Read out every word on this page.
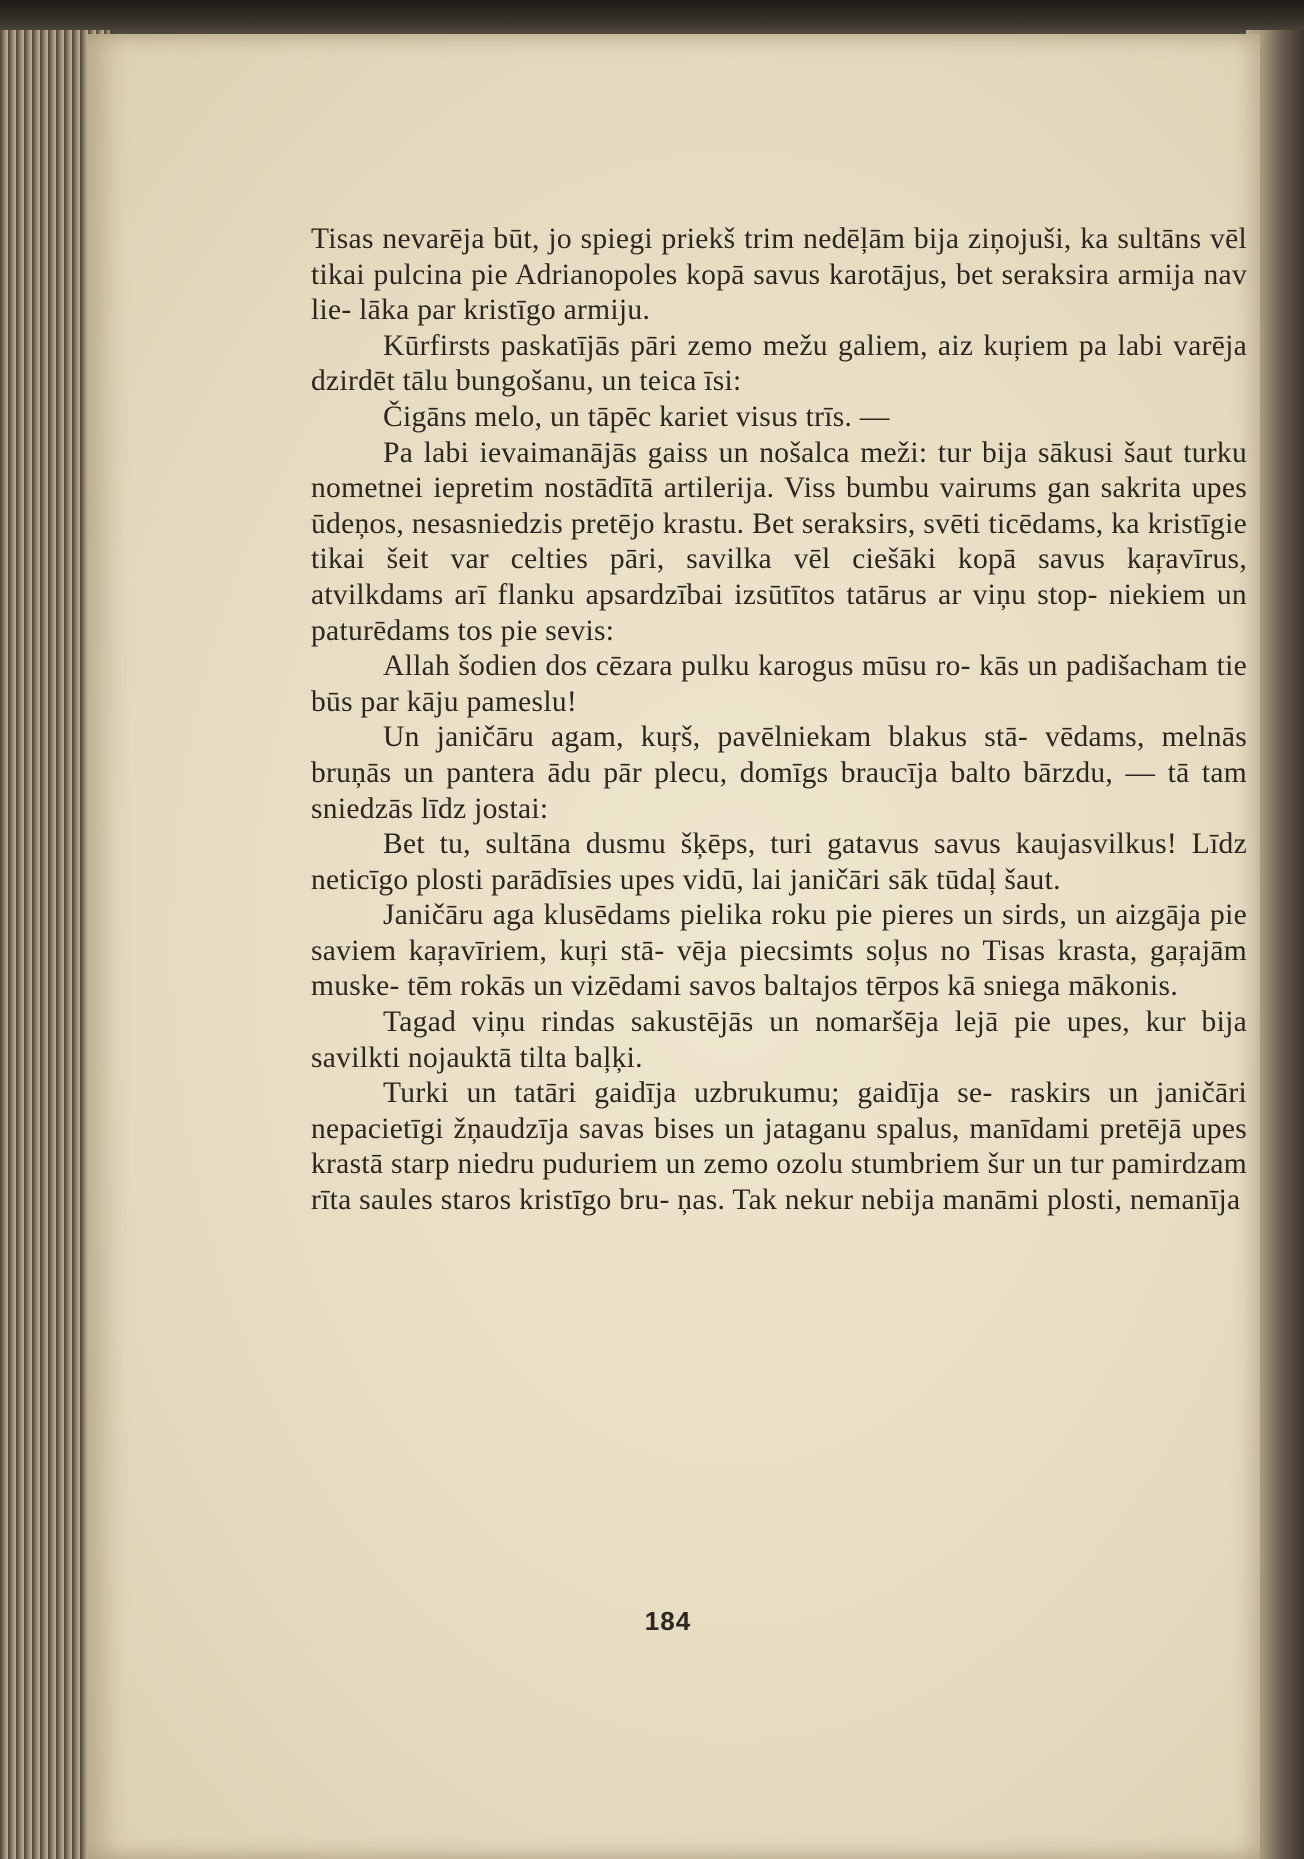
Tisas nevarēja būt, jo spiegi priekš trim nedēļām bija ziņojuši, ka sultāns vēl tikai pulcina pie Adrianopoles kopā savus karotājus, bet seraksira armija nav lie- lāka par kristīgo armiju.

Kūrfirsts paskatījās pāri zemo mežu galiem, aiz kuŗiem pa labi varēja dzirdēt tālu bungošanu, un teica īsi:

Čigāns melo, un tāpēc kariet visus trīs. —

Pa labi ievaimanājās gaiss un nošalca meži: tur bija sākusi šaut turku nometnei iepretim nostādītā artilerija. Viss bumbu vairums gan sakrita upes ūdeņos, nesasniedzis pretējo krastu. Bet seraksirs, svēti ticēdams, ka kristīgie tikai šeit var celties pāri, savilka vēl ciešāki kopā savus kaŗavīrus, atvilkdams arī flanku apsardzībai izsūtītos tatārus ar viņu stop- niekiem un paturēdams tos pie sevis:

Allah šodien dos cēzara pulku karogus mūsu ro- kās un padišacham tie būs par kāju pameslu!

Un janičāru agam, kuŗš, pavēlniekam blakus stā- vēdams, melnās bruņās un pantera ādu pār plecu, domīgs braucīja balto bārzdu, — tā tam sniedzās līdz jostai:

Bet tu, sultāna dusmu šķēps, turi gatavus savus kaujasvilkus! Līdz neticīgo plosti parādīsies upes vidū, lai janičāri sāk tūdaļ šaut.

Janičāru aga klusēdams pielika roku pie pieres un sirds, un aizgāja pie saviem kaŗavīriem, kuŗi stā- vēja piecsimts soļus no Tisas krasta, gaŗajām muske- tēm rokās un vizēdami savos baltajos tērpos kā sniega mākonis.

Tagad viņu rindas sakustējās un nomaršēja lejā pie upes, kur bija savilkti nojauktā tilta baļķi.

Turki un tatāri gaidīja uzbrukumu; gaidīja se- raskirs un janičāri nepacietīgi žņaudzīja savas bises un jataganu spalus, manīdami pretējā upes krastā starp niedru puduriem un zemo ozolu stumbriem šur un tur pamirdzam rīta saules staros kristīgo bru- ņas. Tak nekur nebija manāmi plosti, nemanīja

184
